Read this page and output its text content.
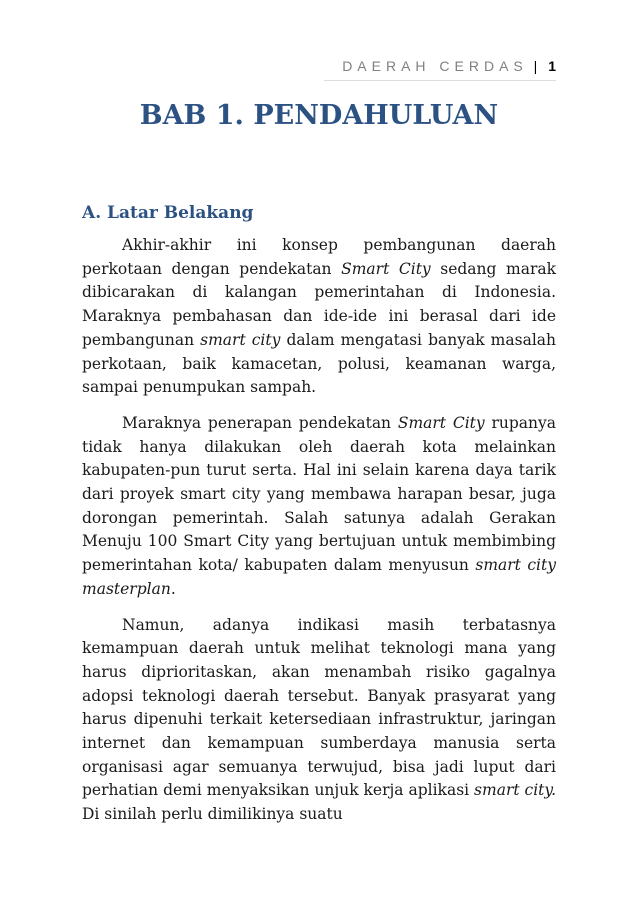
DAERAH CERDAS | 1
BAB 1. PENDAHULUAN
A. Latar Belakang

Akhir-akhir ini konsep pembangunan daerah perkotaan dengan pendekatan Smart City sedang marak dibicarakan di kalangan pemerintahan di Indonesia. Maraknya pembahasan dan ide-ide ini berasal dari ide pembangunan smart city dalam mengatasi banyak masalah perkotaan, baik kamacetan, polusi, keamanan warga, sampai penumpukan sampah.

Maraknya penerapan pendekatan Smart City rupanya tidak hanya dilakukan oleh daerah kota melainkan kabupaten-pun turut serta. Hal ini selain karena daya tarik dari proyek smart city yang membawa harapan besar, juga dorongan pemerintah. Salah satunya adalah Gerakan Menuju 100 Smart City yang bertujuan untuk membimbing pemerintahan kota/ kabupaten dalam menyusun smart city masterplan.

Namun, adanya indikasi masih terbatasnya kemampuan daerah untuk melihat teknologi mana yang harus diprioritaskan, akan menambah risiko gagalnya adopsi teknologi daerah tersebut. Banyak prasyarat yang harus dipenuhi terkait ketersediaan infrastruktur, jaringan internet dan kemampuan sumberdaya manusia serta organisasi agar semuanya terwujud, bisa jadi luput dari perhatian demi menyaksikan unjuk kerja aplikasi smart city. Di sinilah perlu dimilikinya suatu
